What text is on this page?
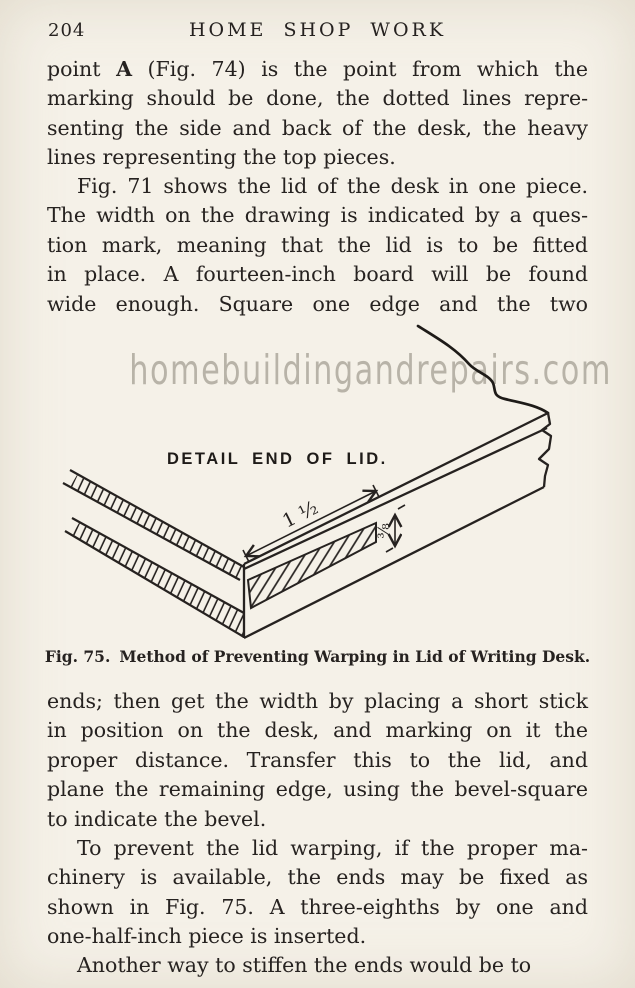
204	HOME SHOP WORK
point A (Fig. 74) is the point from which the
marking should be done, the dotted lines repre-
senting the side and back of the desk, the heavy
lines representing the top pieces.
Fig. 71 shows the lid of the desk in one piece.
The width on the drawing is indicated by a ques-
tion mark, meaning that the lid is to be fitted
in place. A fourteen-inch board will be found
wide enough. Square one edge and the two
homebuildingandrepairs.com
1 ½	⅜
DETAIL END OF LID.
Fig. 75. Method of Preventing Warping in Lid of Writing Desk.
ends; then get the width by placing a short stick
in position on the desk, and marking on it the
proper distance. Transfer this to the lid, and
plane the remaining edge, using the bevel-square
to indicate the bevel.
To prevent the lid warping, if the proper ma-
chinery is available, the ends may be fixed as
shown in Fig. 75. A three-eighths by one and
one-half-inch piece is inserted.
Another way to stiffen the ends would be to
